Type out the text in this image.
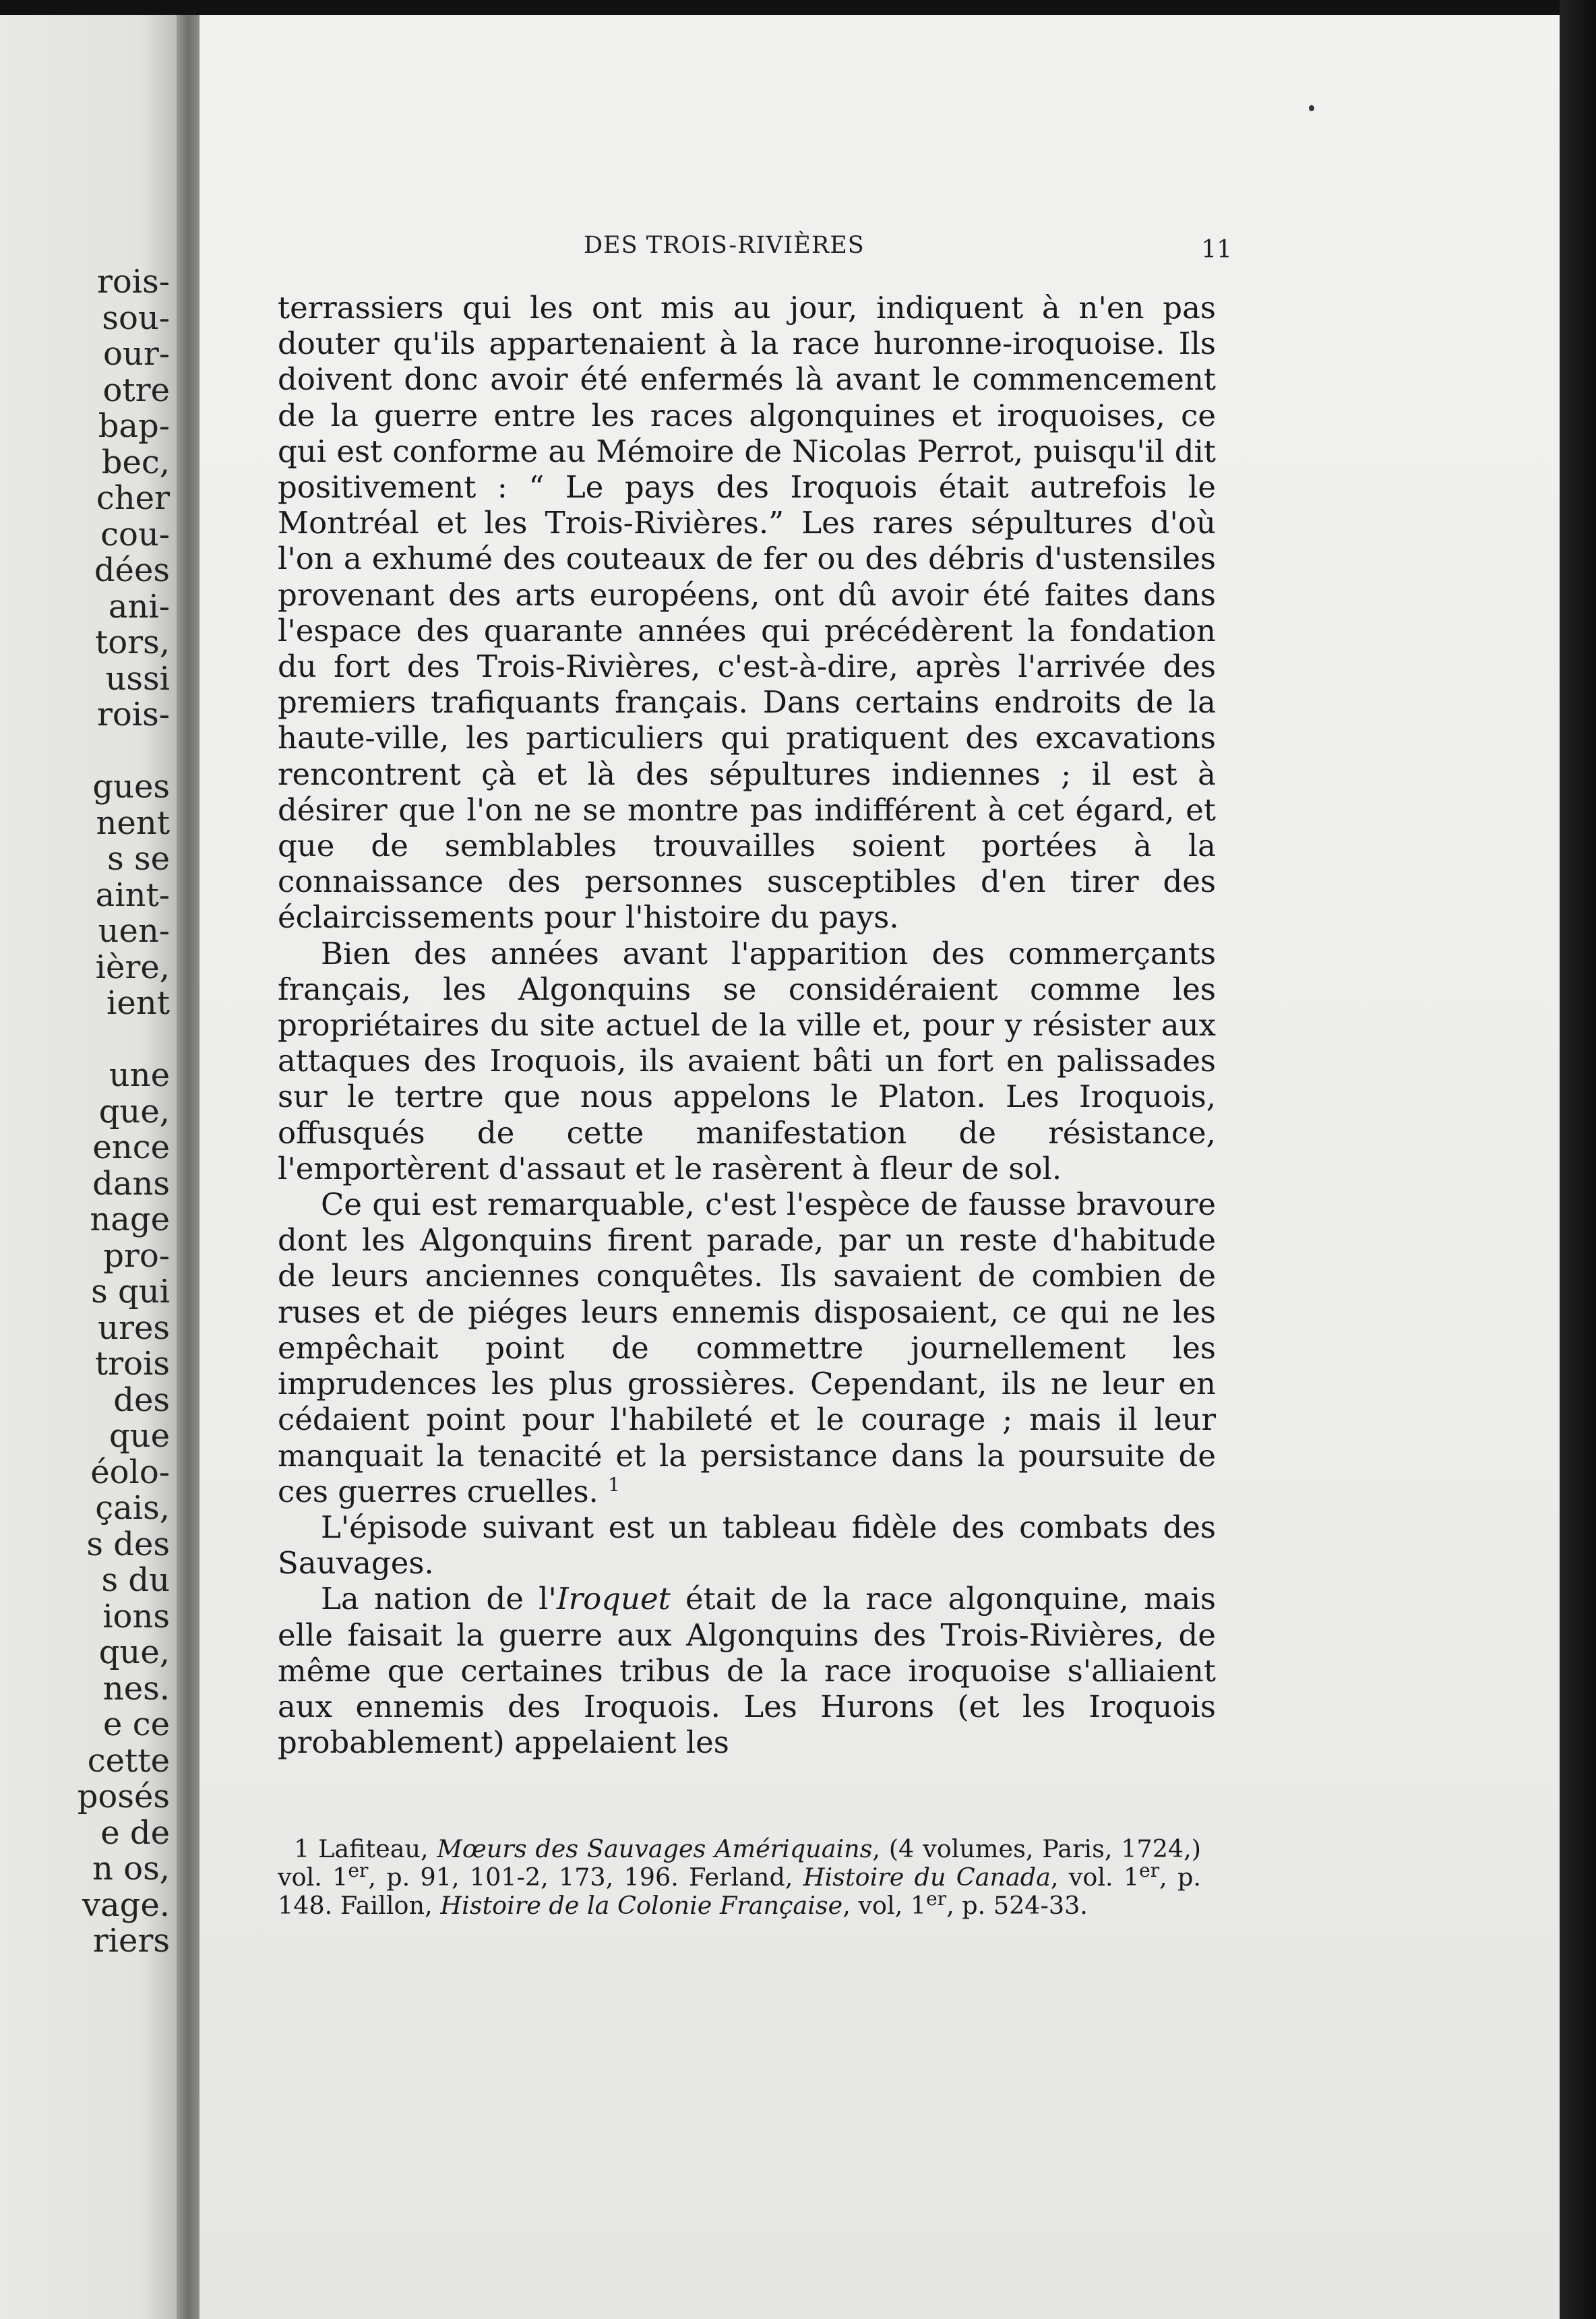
rois-
sou-
our-
otre
bap-
bec,
cher
cou-
dées
ani-
tors,
ussi
rois-
gues
nent
s se
aint-
uen-
ière,
ient
une
que,
ence
dans
nage
pro-
s qui
ures
trois
des
que
éolo-
çais,
s des
s du
ions
que,
nes.
e ce
cette
posés
e de
n os,
vage.
riers
DES TROIS-RIVIÈRES	11

terrassiers qui les ont mis au jour, indiquent à n'en pas douter qu'ils appartenaient à la race huronne-iroquoise. Ils doivent donc avoir été enfermés là avant le commencement de la guerre entre les races algonquines et iroquoises, ce qui est conforme au Mémoire de Nicolas Perrot, puisqu'il dit positivement : “ Le pays des Iroquois était autrefois le Montréal et les Trois-Rivières.” Les rares sépultures d'où l'on a exhumé des couteaux de fer ou des débris d'ustensiles provenant des arts européens, ont dû avoir été faites dans l'espace des quarante années qui précédèrent la fondation du fort des Trois-Rivières, c'est-à-dire, après l'arrivée des premiers trafiquants français. Dans certains endroits de la haute-ville, les particuliers qui pratiquent des excavations rencontrent çà et là des sépultures indiennes ; il est à désirer que l'on ne se montre pas indifférent à cet égard, et que de semblables trouvailles soient portées à la connaissance des personnes susceptibles d'en tirer des éclaircissements pour l'histoire du pays.

Bien des années avant l'apparition des commerçants français, les Algonquins se considéraient comme les propriétaires du site actuel de la ville et, pour y résister aux attaques des Iroquois, ils avaient bâti un fort en palissades sur le tertre que nous appelons le Platon. Les Iroquois, offusqués de cette manifestation de résistance, l'emportèrent d'assaut et le rasèrent à fleur de sol.

Ce qui est remarquable, c'est l'espèce de fausse bravoure dont les Algonquins firent parade, par un reste d'habitude de leurs anciennes conquêtes. Ils savaient de combien de ruses et de piéges leurs ennemis disposaient, ce qui ne les empêchait point de commettre journellement les imprudences les plus grossières. Cependant, ils ne leur en cédaient point pour l'habileté et le courage ; mais il leur manquait la tenacité et la persistance dans la poursuite de ces guerres cruelles. $^1$

L'épisode suivant est un tableau fidèle des combats des Sauvages.

La nation de l'Iroquet était de la race algonquine, mais elle faisait la guerre aux Algonquins des Trois-Rivières, de même que certaines tribus de la race iroquoise s'alliaient aux ennemis des Iroquois. Les Hurons (et les Iroquois probablement) appelaient les

1 Lafiteau, Mœurs des Sauvages Amériquains, (4 volumes, Paris, 1724,) vol. 1er, p. 91, 101-2, 173, 196. Ferland, Histoire du Canada, vol. 1er, p. 148. Faillon, Histoire de la Colonie Française, vol, 1er, p. 524-33.
